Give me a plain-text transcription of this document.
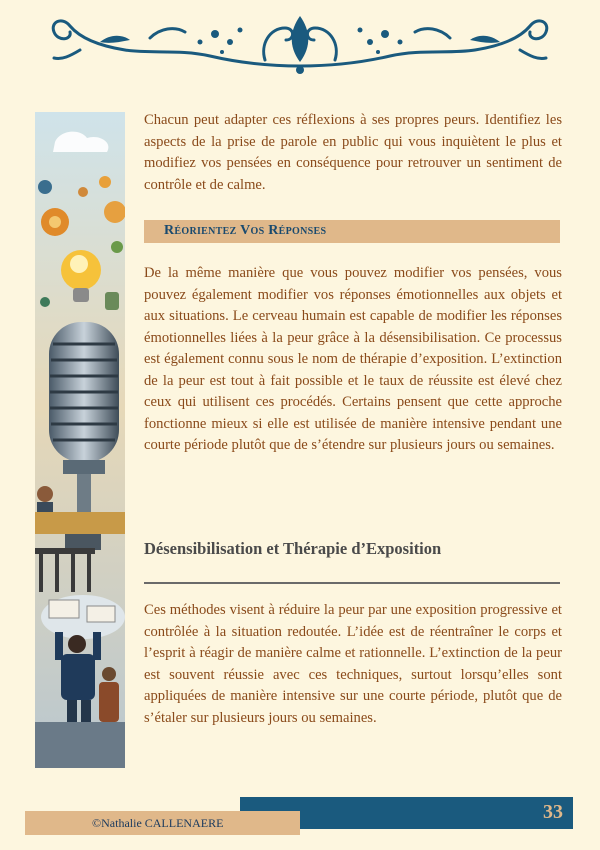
Chacun peut adapter ces réflexions à ses propres peurs. Identifiez les aspects de la prise de parole en public qui vous inquiètent le plus et modifiez vos pensées en conséquence pour retrouver un sentiment de contrôle et de calme.

Réorientez Vos Réponses

De la même manière que vous pouvez modifier vos pensées, vous pouvez également modifier vos réponses émotionnelles aux objets et aux situations. Le cerveau humain est capable de modifier les réponses émotionnelles liées à la peur grâce à la désensibilisation. Ce processus est également connu sous le nom de thérapie d’exposition. L’extinction de la peur est tout à fait possible et le taux de réussite est élevé chez ceux qui utilisent ces procédés. Certains pensent que cette approche fonctionne mieux si elle est utilisée de manière intensive pendant une courte période plutôt que de s’étendre sur plusieurs jours ou semaines.

Désensibilisation et Thérapie d’Exposition

Ces méthodes visent à réduire la peur par une exposition progressive et contrôlée à la situation redoutée. L’idée est de réentraîner le corps et l’esprit à réagir de manière calme et rationnelle. L’extinction de la peur est souvent réussie avec ces techniques, surtout lorsqu’elles sont appliquées de manière intensive sur une courte période, plutôt que de s’étaler sur plusieurs jours ou semaines.

33
©Nathalie CALLENAERE
